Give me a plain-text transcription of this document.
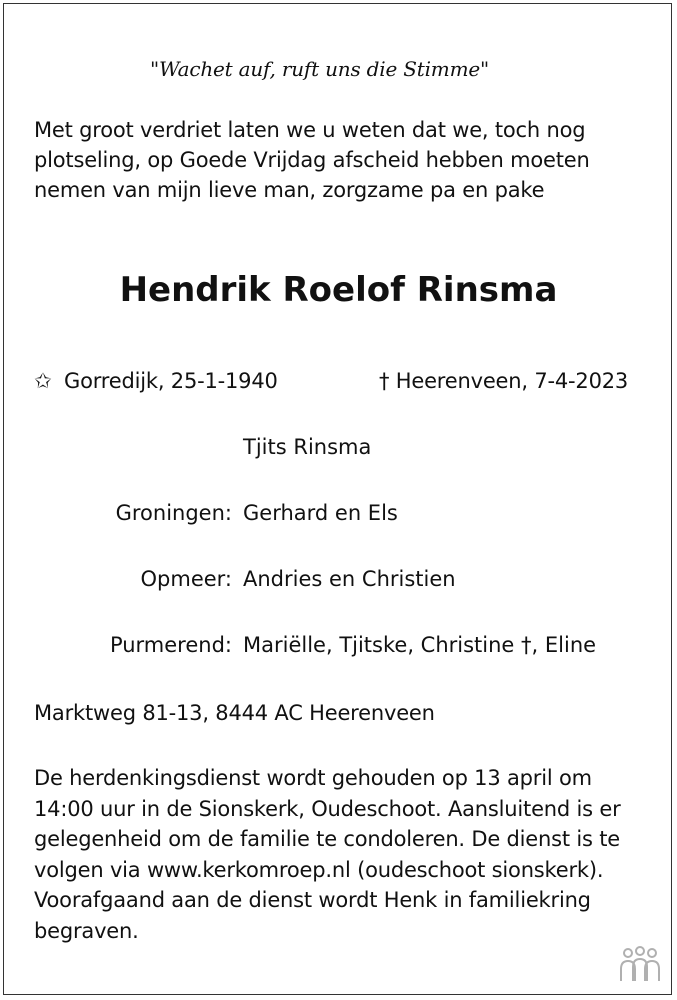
"Wachet auf, ruft uns die Stimme"
Met groot verdriet laten we u weten dat we, toch nog plotseling, op Goede Vrijdag afscheid hebben moeten nemen van mijn lieve man, zorgzame pa en pake
Hendrik Roelof Rinsma
✩ Gorredijk, 25-1-1940	† Heerenveen, 7-4-2023
Tjits Rinsma
Groningen: Gerhard en Els
Opmeer: Andries en Christien
Purmerend: Mariëlle, Tjitske, Christine †, Eline
Marktweg 81-13, 8444 AC Heerenveen
De herdenkingsdienst wordt gehouden op 13 april om 14:00 uur in de Sionskerk, Oudeschoot. Aansluitend is er gelegenheid om de familie te condoleren. De dienst is te volgen via www.kerkomroep.nl (oudeschoot sionskerk). Voorafgaand aan de dienst wordt Henk in familiekring begraven.
